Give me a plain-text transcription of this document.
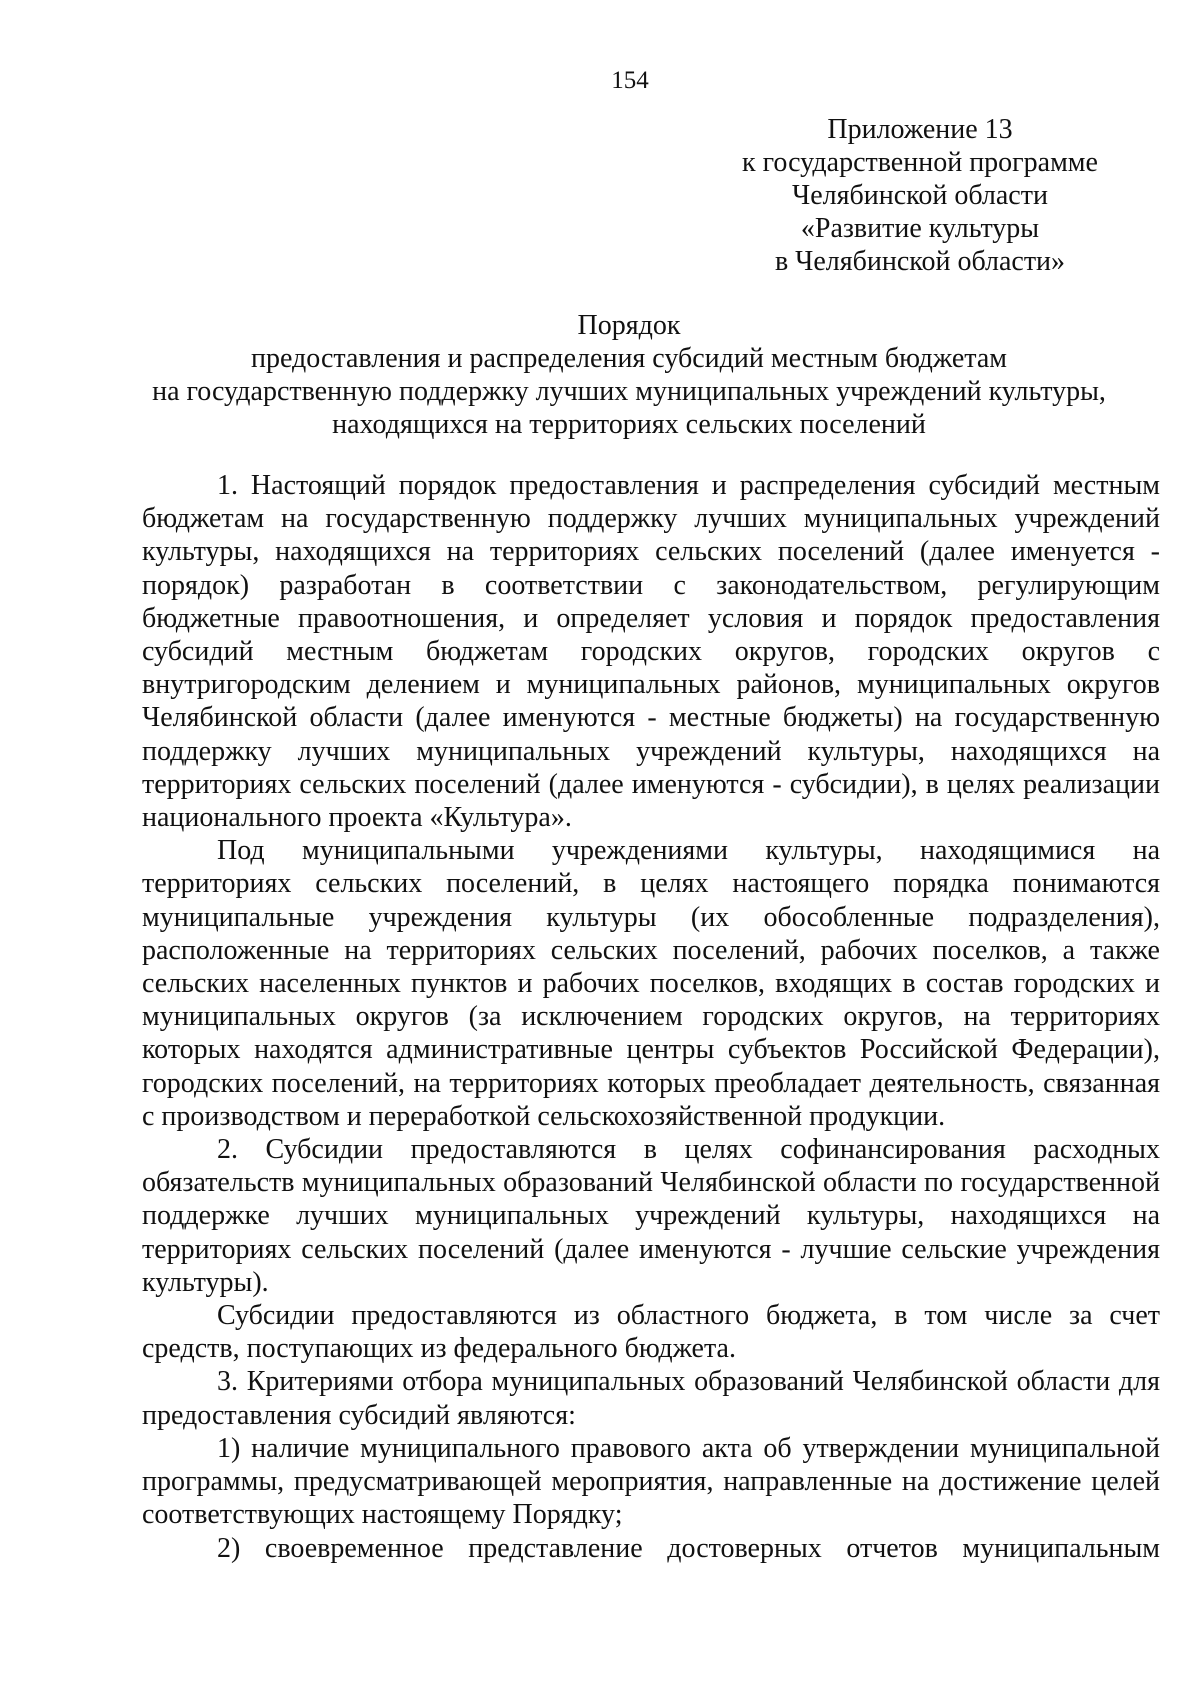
154
Приложение 13
к государственной программе
Челябинской области
«Развитие культуры
в Челябинской области»
Порядок
предоставления и распределения субсидий местным бюджетам
на государственную поддержку лучших муниципальных учреждений культуры,
находящихся на территориях сельских поселений

1. Настоящий порядок предоставления и распределения субсидий местным бюджетам на государственную поддержку лучших муниципальных учреждений культуры, находящихся на территориях сельских поселений (далее именуется - порядок) разработан в соответствии с законодательством, регулирующим бюджетные правоотношения, и определяет условия и порядок предоставления субсидий местным бюджетам городских округов, городских округов с внутригородским делением и муниципальных районов, муниципальных округов Челябинской области (далее именуются - местные бюджеты) на государственную поддержку лучших муниципальных учреждений культуры, находящихся на территориях сельских поселений (далее именуются - субсидии), в целях реализации национального проекта «Культура».

Под муниципальными учреждениями культуры, находящимися на территориях сельских поселений, в целях настоящего порядка понимаются муниципальные учреждения культуры (их обособленные подразделения), расположенные на территориях сельских поселений, рабочих поселков, а также сельских населенных пунктов и рабочих поселков, входящих в состав городских и муниципальных округов (за исключением городских округов, на территориях которых находятся административные центры субъектов Российской Федерации), городских поселений, на территориях которых преобладает деятельность, связанная с производством и переработкой сельскохозяйственной продукции.

2. Субсидии предоставляются в целях софинансирования расходных обязательств муниципальных образований Челябинской области по государственной поддержке лучших муниципальных учреждений культуры, находящихся на территориях сельских поселений (далее именуются - лучшие сельские учреждения культуры).

Субсидии предоставляются из областного бюджета, в том числе за счет средств, поступающих из федерального бюджета.

3. Критериями отбора муниципальных образований Челябинской области для предоставления субсидий являются:

1) наличие муниципального правового акта об утверждении муниципальной программы, предусматривающей мероприятия, направленные на достижение целей соответствующих настоящему Порядку;

2) своевременное представление достоверных отчетов муниципальным
